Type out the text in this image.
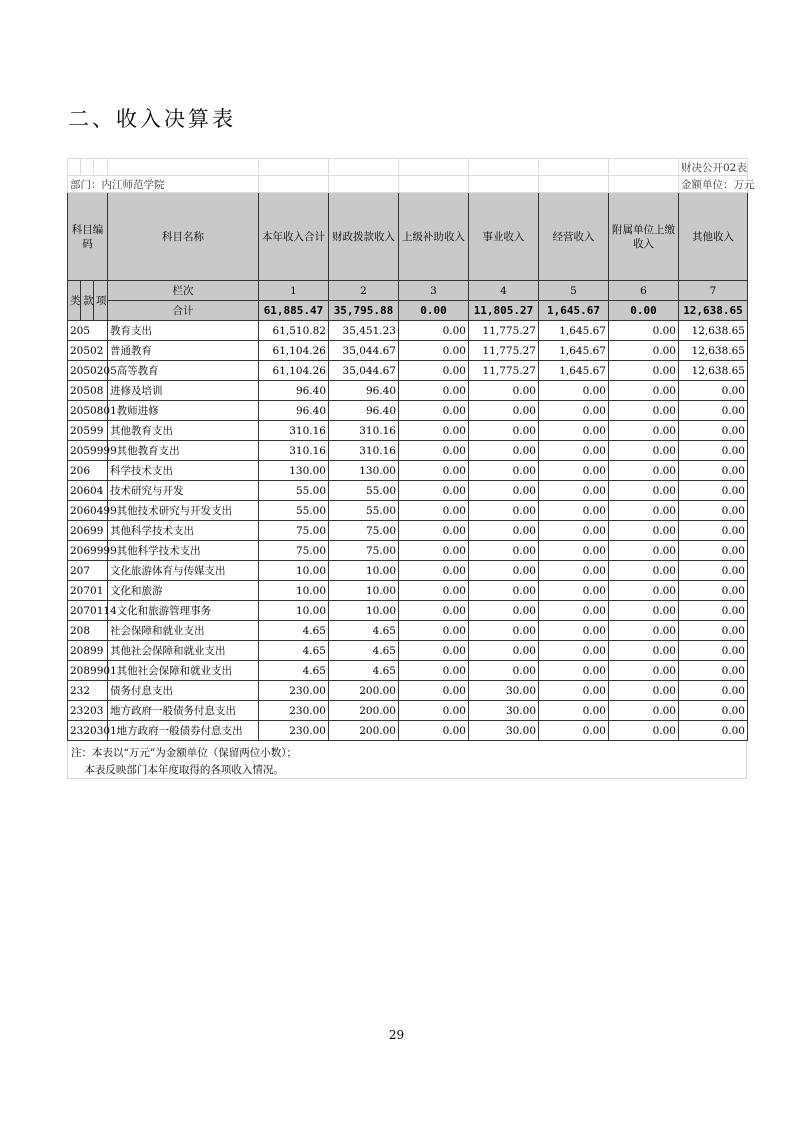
二、收入决算表
										财决公开02表
部门：内江师范学院										金额单位：万元
科目编码			科目名称	本年收入合计	财政拨款收入	上级补助收入	事业收入	经营收入	附属单位上缴收入	其他收入
类	款	项	栏次	1	2	3	4	5	6	7
			合计	61,885.47	35,795.88	0.00	11,805.27	1,645.67	0.00	12,638.65
205			教育支出	61,510.82	35,451.23	0.00	11,775.27	1,645.67	0.00	12,638.65
20502			普通教育	61,104.26	35,044.67	0.00	11,775.27	1,645.67	0.00	12,638.65
2050205			高等教育	61,104.26	35,044.67	0.00	11,775.27	1,645.67	0.00	12,638.65
20508			进修及培训	96.40	96.40	0.00	0.00	0.00	0.00	0.00
2050801			教师进修	96.40	96.40	0.00	0.00	0.00	0.00	0.00
20599			其他教育支出	310.16	310.16	0.00	0.00	0.00	0.00	0.00
2059999			其他教育支出	310.16	310.16	0.00	0.00	0.00	0.00	0.00
206			科学技术支出	130.00	130.00	0.00	0.00	0.00	0.00	0.00
20604			技术研究与开发	55.00	55.00	0.00	0.00	0.00	0.00	0.00
2060499			其他技术研究与开发支出	55.00	55.00	0.00	0.00	0.00	0.00	0.00
20699			其他科学技术支出	75.00	75.00	0.00	0.00	0.00	0.00	0.00
2069999			其他科学技术支出	75.00	75.00	0.00	0.00	0.00	0.00	0.00
207			文化旅游体育与传媒支出	10.00	10.00	0.00	0.00	0.00	0.00	0.00
20701			文化和旅游	10.00	10.00	0.00	0.00	0.00	0.00	0.00
2070114			文化和旅游管理事务	10.00	10.00	0.00	0.00	0.00	0.00	0.00
208			社会保障和就业支出	4.65	4.65	0.00	0.00	0.00	0.00	0.00
20899			其他社会保障和就业支出	4.65	4.65	0.00	0.00	0.00	0.00	0.00
2089901			其他社会保障和就业支出	4.65	4.65	0.00	0.00	0.00	0.00	0.00
232			债务付息支出	230.00	200.00	0.00	30.00	0.00	0.00	0.00
23203			地方政府一般债务付息支出	230.00	200.00	0.00	30.00	0.00	0.00	0.00
2320301			地方政府一般债券付息支出	230.00	200.00	0.00	30.00	0.00	0.00	0.00
注：本表以“万元”为金额单位（保留两位小数）；
本表反映部门本年度取得的各项收入情况。
29
